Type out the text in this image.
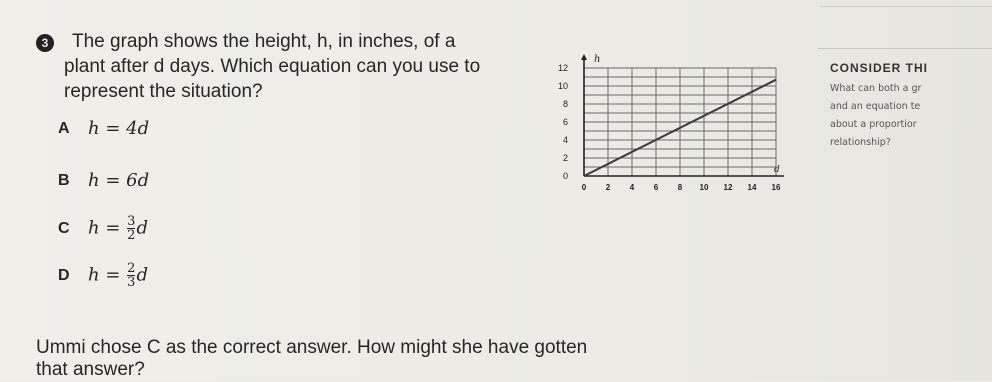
3 The graph shows the height, h, in inches, of a
plant after d days. Which equation can you use to
represent the situation?
A	h = 4d
B	h = 6d
C	$h = \frac{3}{2}$ d
D	$h = \frac{2}{3}$ d
Ummi chose C as the correct answer. How might she have gotten
that answer?
0 2 4 6 8 10 12 14 16
0
2
4
6
8
10
12
h
d
CONSIDER THI
What can both a gr
and an equation te
about a proportior
relationship?
